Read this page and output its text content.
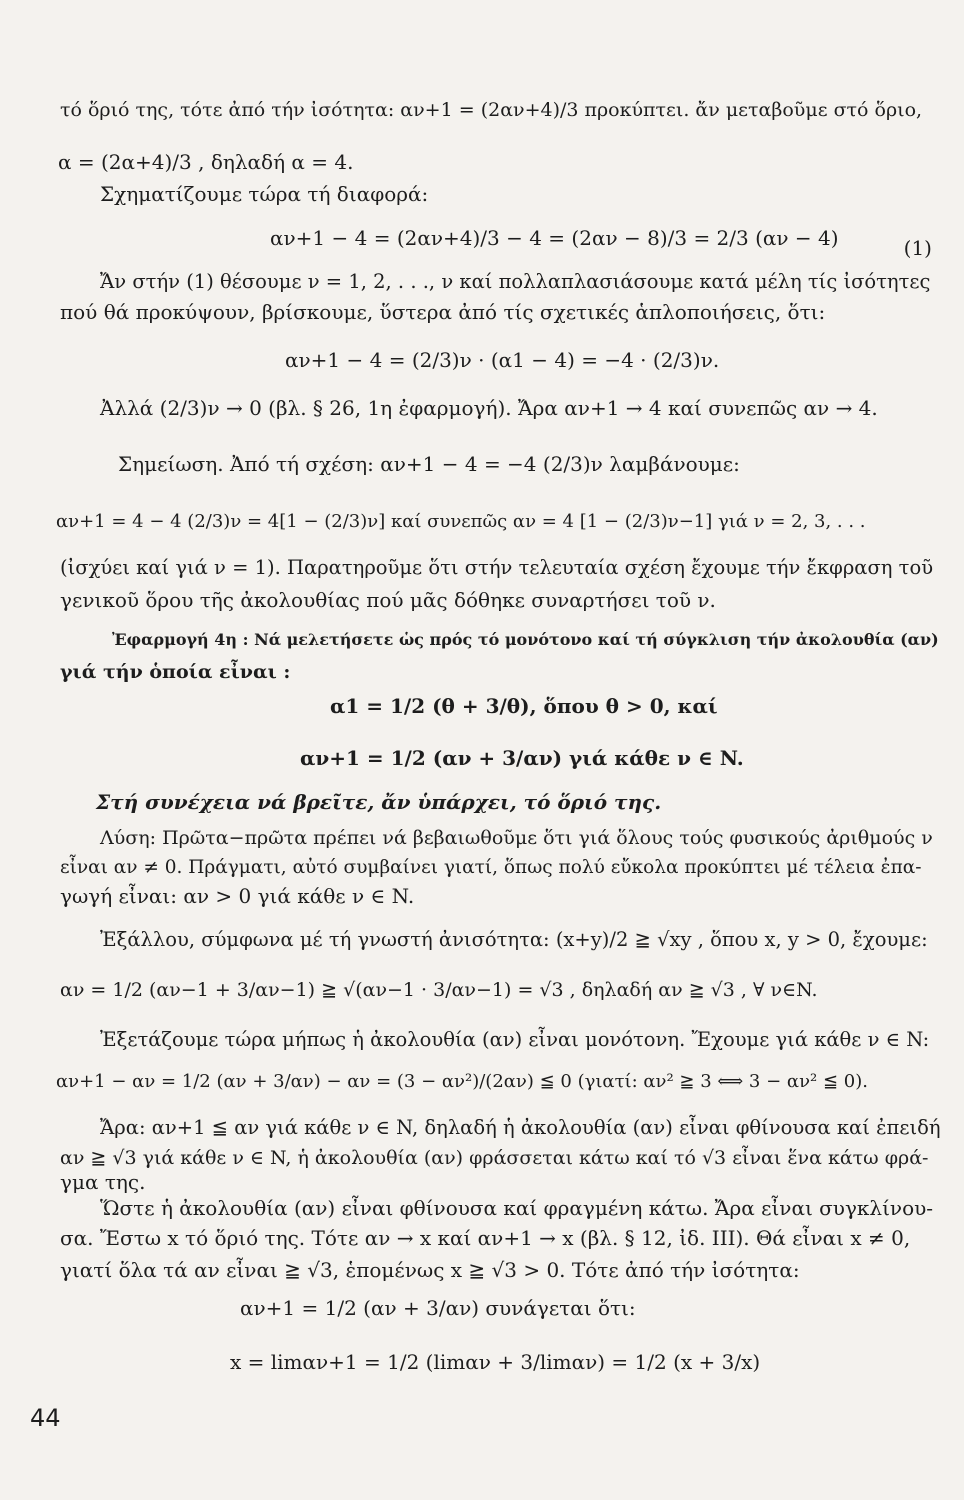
τό ὅριό της, τότε ἀπό τήν ἰσότητα: αν+1 = (2αν+4)/3 προκύπτει. ἄν μεταβοῦμε στό ὅριο,
α = (2α+4)/3 , δηλαδή α = 4.
Σχηματίζουμε τώρα τή διαφορά:
αν+1 − 4 = (2αν+4)/3 − 4 = (2αν − 8)/3 = 2/3 (αν − 4)	(1)
Ἄν στήν (1) θέσουμε ν = 1, 2, . . ., ν καί πολλαπλασιάσουμε κατά μέλη τίς ἰσότητες
πού θά προκύψουν, βρίσκουμε, ὕστερα ἀπό τίς σχετικές ἁπλοποιήσεις, ὅτι:
αν+1 − 4 = (2/3)ν · (α1 − 4) = −4 · (2/3)ν.
Ἀλλά (2/3)ν → 0 (βλ. § 26, 1η ἐφαρμογή). Ἄρα αν+1 → 4 καί συνεπῶς αν → 4.
Σημείωση. Ἀπό τή σχέση: αν+1 − 4 = −4 (2/3)ν λαμβάνουμε:
αν+1 = 4 − 4 (2/3)ν = 4[1 − (2/3)ν] καί συνεπῶς αν = 4 [1 − (2/3)ν−1] γιά ν = 2, 3, . . .
(ἰσχύει καί γιά ν = 1). Παρατηροῦμε ὅτι στήν τελευταία σχέση ἔχουμε τήν ἔκφραση τοῦ
γενικοῦ ὅρου τῆς ἀκολουθίας πού μᾶς δόθηκε συναρτήσει τοῦ ν.
Ἐφαρμογή 4η : Νά μελετήσετε ὡς πρός τό μονότονο καί τή σύγκλιση τήν ἀκολουθία (αν)
γιά τήν ὁποία εἶναι :
α1 = 1/2 (θ + 3/θ), ὅπου θ > 0, καί
αν+1 = 1/2 (αν + 3/αν) γιά κάθε ν ∈ N.
Στή συνέχεια νά βρεῖτε, ἄν ὑπάρχει, τό ὅριό της.
Λύση: Πρῶτα−πρῶτα πρέπει νά βεβαιωθοῦμε ὅτι γιά ὅλους τούς φυσικούς ἀριθμούς ν
εἶναι αν ≠ 0. Πράγματι, αὐτό συμβαίνει γιατί, ὅπως πολύ εὔκολα προκύπτει μέ τέλεια ἐπα-
γωγή εἶναι: αν > 0 γιά κάθε ν ∈ N.
Ἐξάλλου, σύμφωνα μέ τή γνωστή ἀνισότητα: (x+y)/2 ≧ √xy , ὅπου x, y > 0, ἔχουμε:
αν = 1/2 (αν−1 + 3/αν−1) ≧ √(αν−1 · 3/αν−1) = √3 , δηλαδή αν ≧ √3 , ∀ ν∈N.
Ἐξετάζουμε τώρα μήπως ἡ ἀκολουθία (αν) εἶναι μονότονη. Ἔχουμε γιά κάθε ν ∈ N:
αν+1 − αν = 1/2 (αν + 3/αν) − αν = (3 − αν²)/(2αν) ≦ 0 (γιατί: αν² ≧ 3 ⟺ 3 − αν² ≦ 0).
Ἄρα: αν+1 ≦ αν γιά κάθε ν ∈ N, δηλαδή ἡ ἀκολουθία (αν) εἶναι φθίνουσα καί ἐπειδή
αν ≧ √3 γιά κάθε ν ∈ N, ἡ ἀκολουθία (αν) φράσσεται κάτω καί τό √3 εἶναι ἕνα κάτω φρά-
γμα της.
Ὥστε ἡ ἀκολουθία (αν) εἶναι φθίνουσα καί φραγμένη κάτω. Ἄρα εἶναι συγκλίνου-
σα. Ἔστω x τό ὅριό της. Τότε αν → x καί αν+1 → x (βλ. § 12, ἰδ. III). Θά εἶναι x ≠ 0,
γιατί ὅλα τά αν εἶναι ≧ √3, ἑπομένως x ≧ √3 > 0. Τότε ἀπό τήν ἰσότητα:
αν+1 = 1/2 (αν + 3/αν) συνάγεται ὅτι:
x = limαν+1 = 1/2 (limαν + 3/limαν) = 1/2 (x + 3/x)
44
